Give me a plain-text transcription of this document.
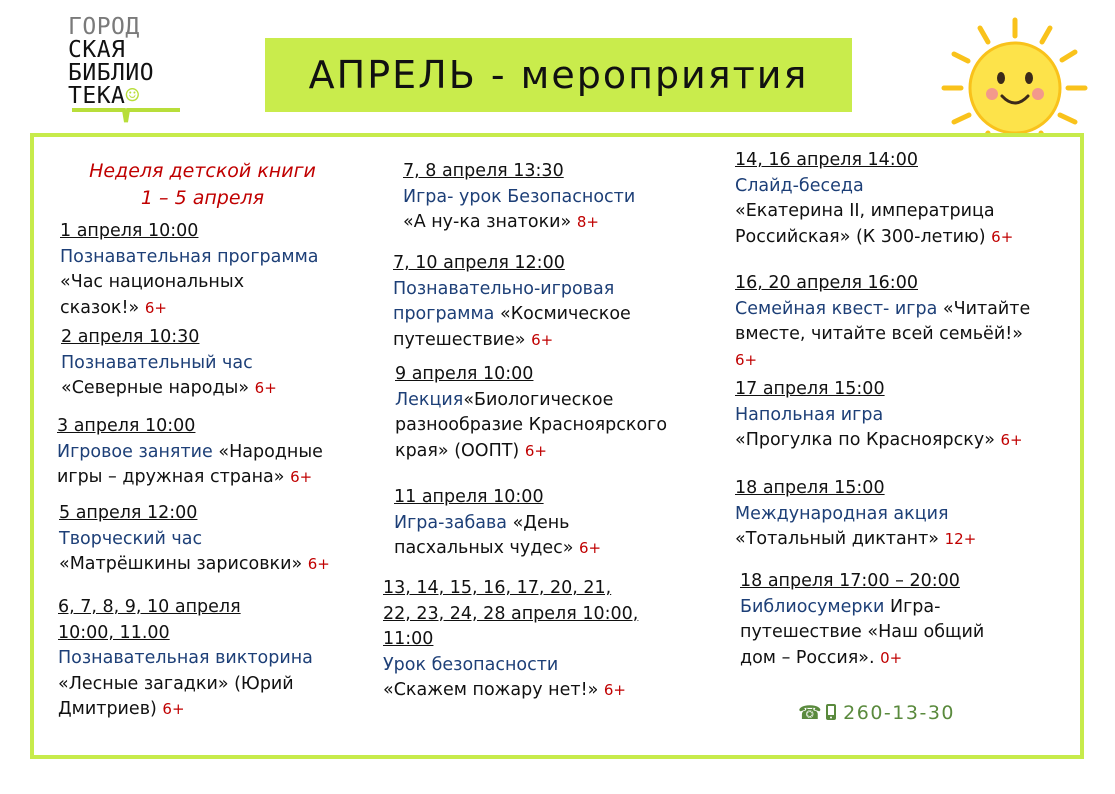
ГОРОД
СКАЯ
БИБЛИО
ТЕКА☺	АПРЕЛЬ - мероприятия
Неделя детской книги
1 – 5 апреля
1 апреля 10:00
Познавательная программа
«Час национальных
сказок!» 6+
2 апреля 10:30
Познавательный час
«Северные народы» 6+
3 апреля 10:00
Игровое занятие «Народные
игры – дружная страна» 6+
5 апреля 12:00
Творческий час
«Матрёшкины зарисовки» 6+
6, 7, 8, 9, 10 апреля
10:00, 11.00
Познавательная викторина
«Лесные загадки» (Юрий
Дмитриев) 6+
7, 8 апреля 13:30
Игра- урок Безопасности
«А ну-ка знатоки» 8+
7, 10 апреля 12:00
Познавательно-игровая
программа «Космическое
путешествие» 6+
9 апреля 10:00
Лекция«Биологическое
разнообразие Красноярского
края» (ООПТ) 6+
11 апреля 10:00
Игра-забава «День
пасхальных чудес» 6+
13, 14, 15, 16, 17, 20, 21,
22, 23, 24, 28 апреля 10:00,
11:00
Урок безопасности
«Скажем пожару нет!» 6+
14, 16 апреля 14:00
Слайд-беседа
«Екатерина II, императрица
Российская» (К 300-летию) 6+
16, 20 апреля 16:00
Семейная квест- игра «Читайте
вместе, читайте всей семьёй!»
6+
17 апреля 15:00
Напольная игра
«Прогулка по Красноярску» 6+
18 апреля 15:00
Международная акция
«Тотальный диктант» 12+
18 апреля 17:00 – 20:00
Библиосумерки Игра-
путешествие «Наш общий
дом – Россия». 0+
☎ 260-13-30
